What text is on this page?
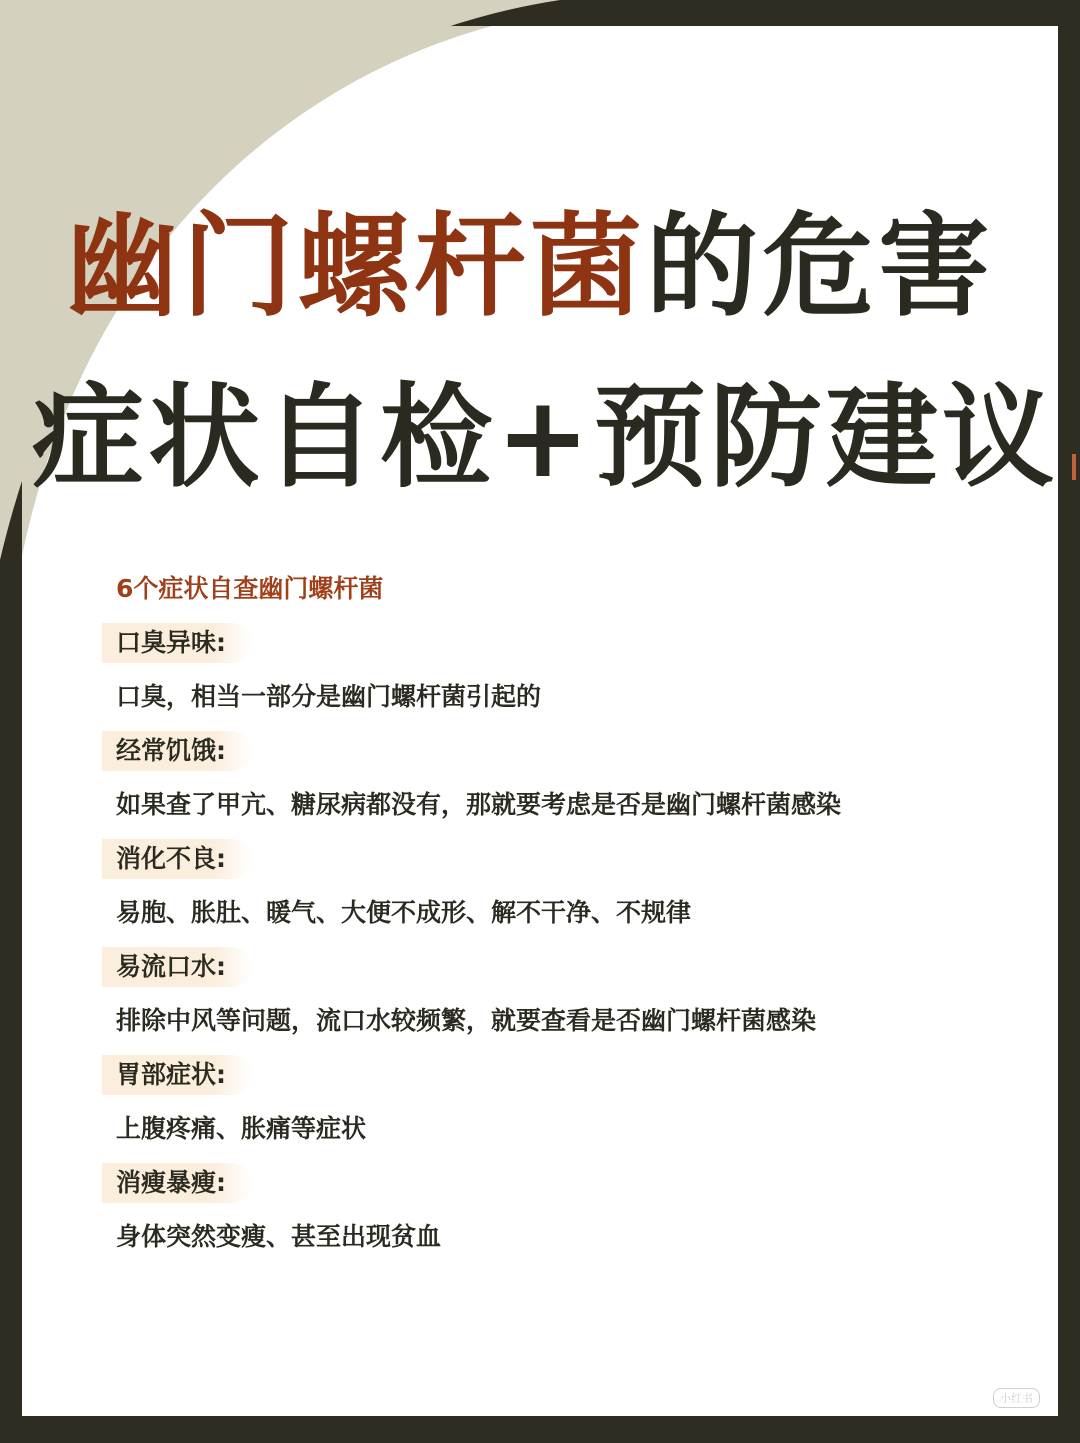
幽门螺杆菌的危害
症状自检+预防建议
6个症状自查幽门螺杆菌
口臭异味:
口臭，相当一部分是幽门螺杆菌引起的
经常饥饿:
如果查了甲亢、糖尿病都没有，那就要考虑是否是幽门螺杆菌感染
消化不良:
易胞、胀肚、暖气、大便不成形、解不干净、不规律
易流口水:
排除中风等问题，流口水较频繁，就要查看是否幽门螺杆菌感染
胃部症状:
上腹疼痛、胀痛等症状
消瘦暴瘦:
身体突然变瘦、甚至出现贫血
小红书
